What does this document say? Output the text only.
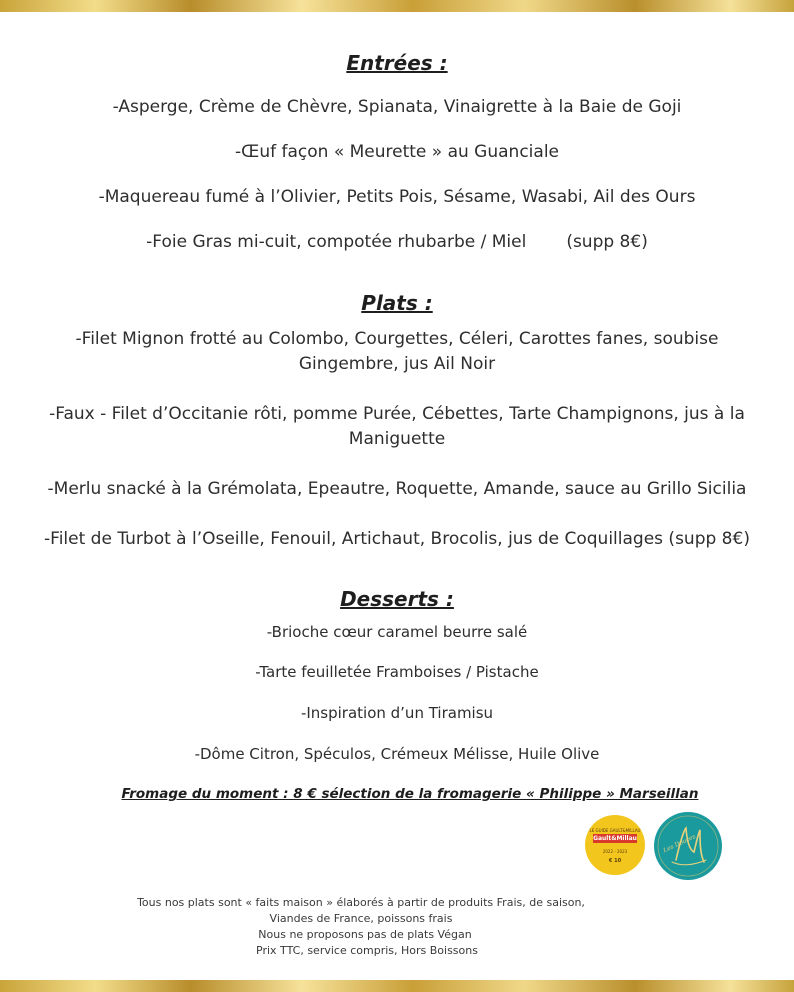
Entrées :

-Asperge, Crème de Chèvre, Spianata, Vinaigrette à la Baie de Goji

-Œuf façon « Meurette » au Guanciale

-Maquereau fumé à l’Olivier, Petits Pois, Sésame, Wasabi, Ail des Ours

-Foie Gras mi-cuit, compotée rhubarbe / Miel (supp 8€)

Plats :

-Filet Mignon frotté au Colombo, Courgettes, Céleri, Carottes fanes, soubise Gingembre, jus Ail Noir

-Faux - Filet d’Occitanie rôti, pomme Purée, Cébettes, Tarte Champignons, jus à la Maniguette

-Merlu snacké à la Grémolata, Epeautre, Roquette, Amande, sauce au Grillo Sicilia

-Filet de Turbot à l’Oseille, Fenouil, Artichaut, Brocolis, jus de Coquillages (supp 8€)

Desserts :

-Brioche cœur caramel beurre salé

-Tarte feuilletée Framboises / Pistache

-Inspiration d’un Tiramisu

-Dôme Citron, Spéculos, Crémeux Mélisse, Huile Olive

Fromage du moment : 8 € sélection de la fromagerie « Philippe » Marseillan

LE GUIDE GAULT&MILLAU
Gault&Millau
2022 - 2023
€ 10
Les Douces

Tous nos plats sont « faits maison » élaborés à partir de produits Frais, de saison,

Viandes de France, poissons frais

Nous ne proposons pas de plats Végan

Prix TTC, service compris, Hors Boissons
